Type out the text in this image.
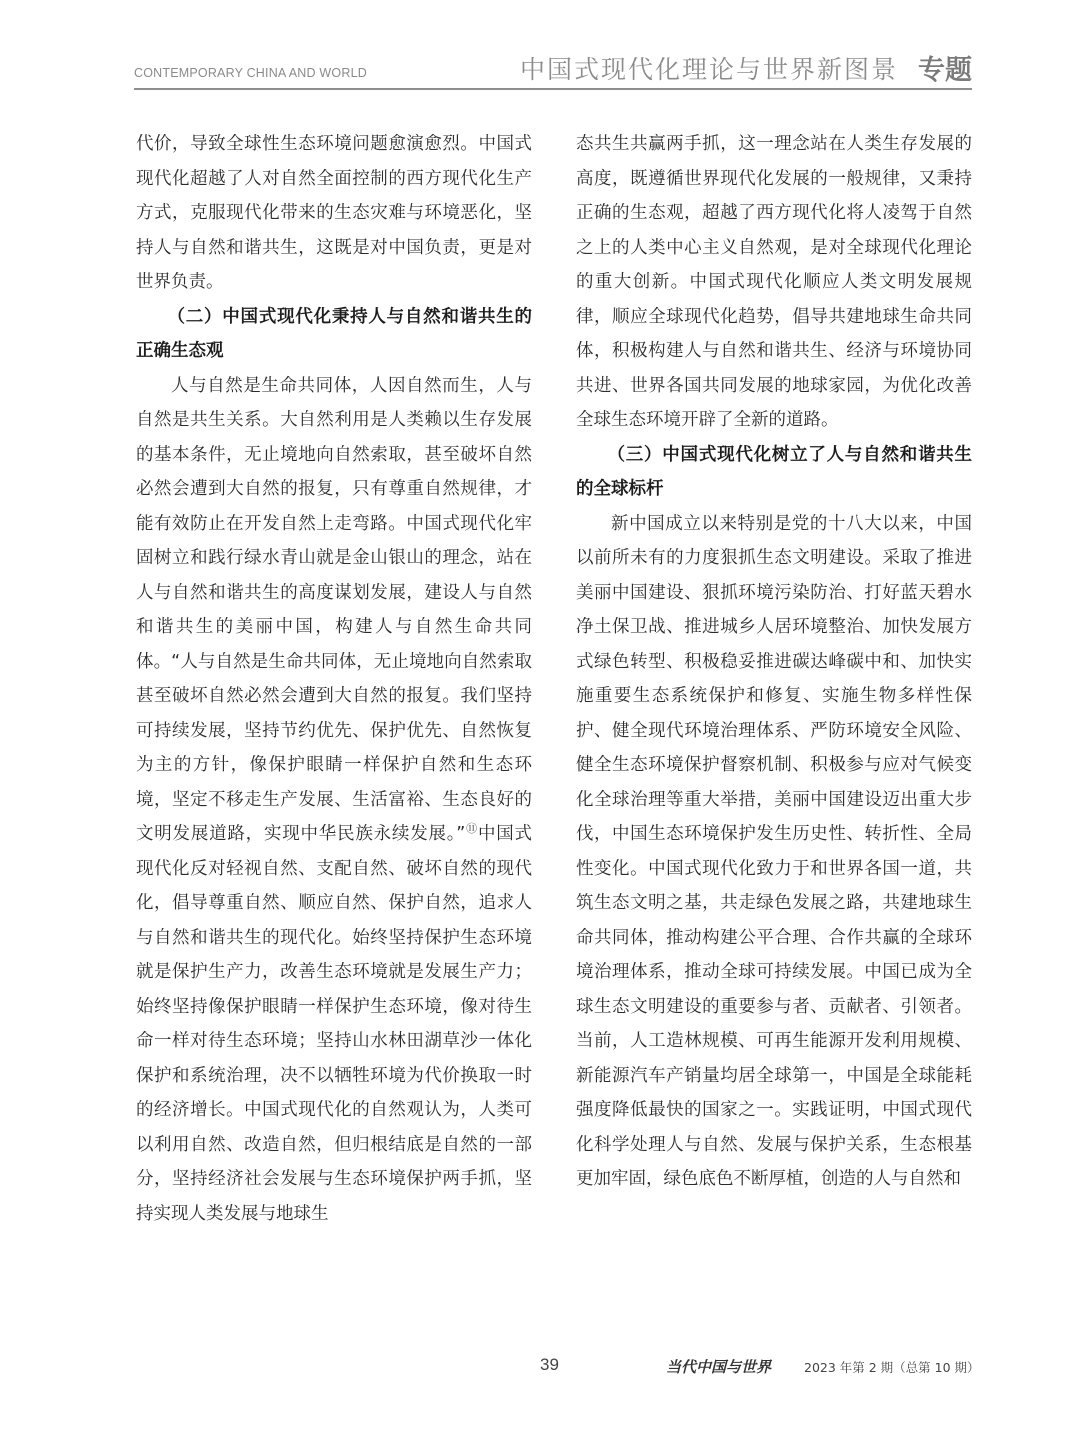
CONTEMPORARY CHINA AND WORLD	中国式现代化理论与世界新图景 专题

代价，导致全球性生态环境问题愈演愈烈。中国式现代化超越了人对自然全面控制的西方现代化生产方式，克服现代化带来的生态灾难与环境恶化，坚持人与自然和谐共生，这既是对中国负责，更是对世界负责。

（二）中国式现代化秉持人与自然和谐共生的正确生态观

人与自然是生命共同体，人因自然而生，人与自然是共生关系。大自然利用是人类赖以生存发展的基本条件，无止境地向自然索取，甚至破坏自然必然会遭到大自然的报复，只有尊重自然规律，才能有效防止在开发自然上走弯路。中国式现代化牢固树立和践行绿水青山就是金山银山的理念，站在人与自然和谐共生的高度谋划发展，建设人与自然和谐共生的美丽中国，构建人与自然生命共同体。“人与自然是生命共同体，无止境地向自然索取甚至破坏自然必然会遭到大自然的报复。我们坚持可持续发展，坚持节约优先、保护优先、自然恢复为主的方针，像保护眼睛一样保护自然和生态环境，坚定不移走生产发展、生活富裕、生态良好的文明发展道路，实现中华民族永续发展。”⑪中国式现代化反对轻视自然、支配自然、破坏自然的现代化，倡导尊重自然、顺应自然、保护自然，追求人与自然和谐共生的现代化。始终坚持保护生态环境就是保护生产力，改善生态环境就是发展生产力；始终坚持像保护眼睛一样保护生态环境，像对待生命一样对待生态环境；坚持山水林田湖草沙一体化保护和系统治理，决不以牺牲环境为代价换取一时的经济增长。中国式现代化的自然观认为，人类可以利用自然、改造自然，但归根结底是自然的一部分，坚持经济社会发展与生态环境保护两手抓，坚持实现人类发展与地球生

态共生共赢两手抓，这一理念站在人类生存发展的高度，既遵循世界现代化发展的一般规律，又秉持正确的生态观，超越了西方现代化将人凌驾于自然之上的人类中心主义自然观，是对全球现代化理论的重大创新。中国式现代化顺应人类文明发展规律，顺应全球现代化趋势，倡导共建地球生命共同体，积极构建人与自然和谐共生、经济与环境协同共进、世界各国共同发展的地球家园，为优化改善全球生态环境开辟了全新的道路。

（三）中国式现代化树立了人与自然和谐共生的全球标杆

新中国成立以来特别是党的十八大以来，中国以前所未有的力度狠抓生态文明建设。采取了推进美丽中国建设、狠抓环境污染防治、打好蓝天碧水净土保卫战、推进城乡人居环境整治、加快发展方式绿色转型、积极稳妥推进碳达峰碳中和、加快实施重要生态系统保护和修复、实施生物多样性保护、健全现代环境治理体系、严防环境安全风险、健全生态环境保护督察机制、积极参与应对气候变化全球治理等重大举措，美丽中国建设迈出重大步伐，中国生态环境保护发生历史性、转折性、全局性变化。中国式现代化致力于和世界各国一道，共筑生态文明之基，共走绿色发展之路，共建地球生命共同体，推动构建公平合理、合作共赢的全球环境治理体系，推动全球可持续发展。中国已成为全球生态文明建设的重要参与者、贡献者、引领者。当前，人工造林规模、可再生能源开发利用规模、新能源汽车产销量均居全球第一，中国是全球能耗强度降低最快的国家之一。实践证明，中国式现代化科学处理人与自然、发展与保护关系，生态根基更加牢固，绿色底色不断厚植，创造的人与自然和

39	当代中国与世界	2023 年第 2 期（总第 10 期）
